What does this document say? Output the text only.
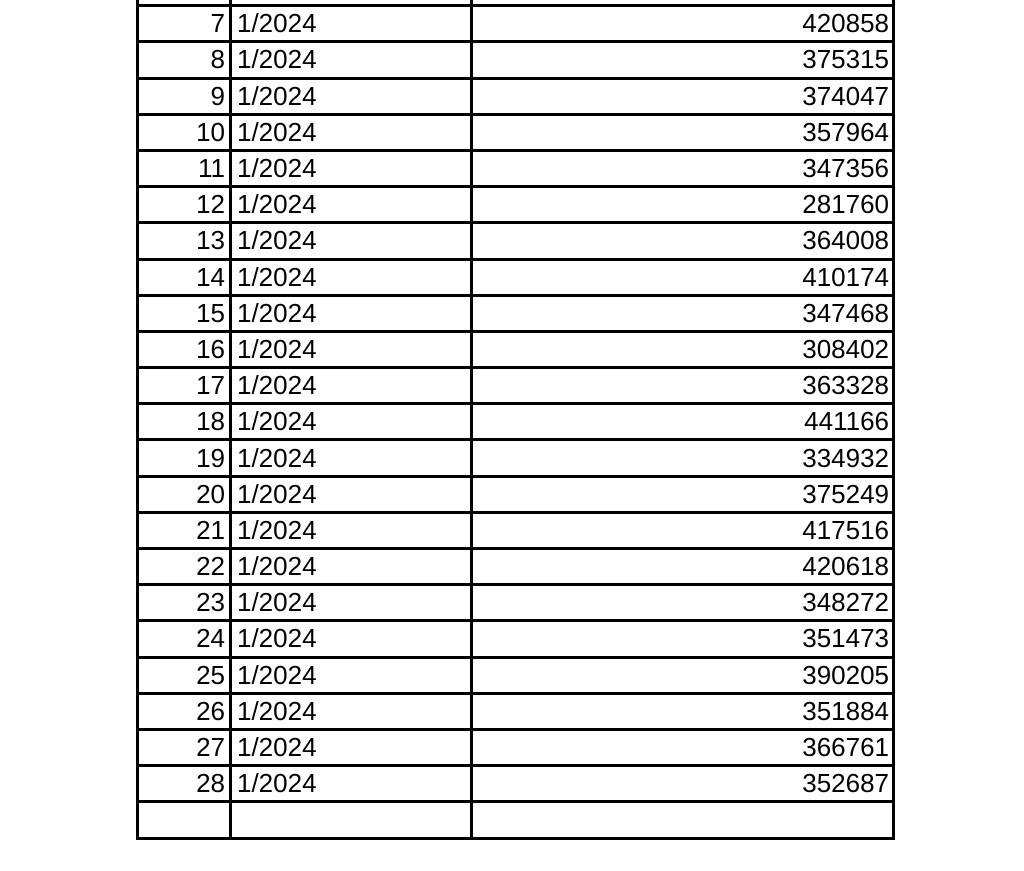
7	1/2024	420858
8	1/2024	375315
9	1/2024	374047
10	1/2024	357964
11	1/2024	347356
12	1/2024	281760
13	1/2024	364008
14	1/2024	410174
15	1/2024	347468
16	1/2024	308402
17	1/2024	363328
18	1/2024	441166
19	1/2024	334932
20	1/2024	375249
21	1/2024	417516
22	1/2024	420618
23	1/2024	348272
24	1/2024	351473
25	1/2024	390205
26	1/2024	351884
27	1/2024	366761
28	1/2024	352687
